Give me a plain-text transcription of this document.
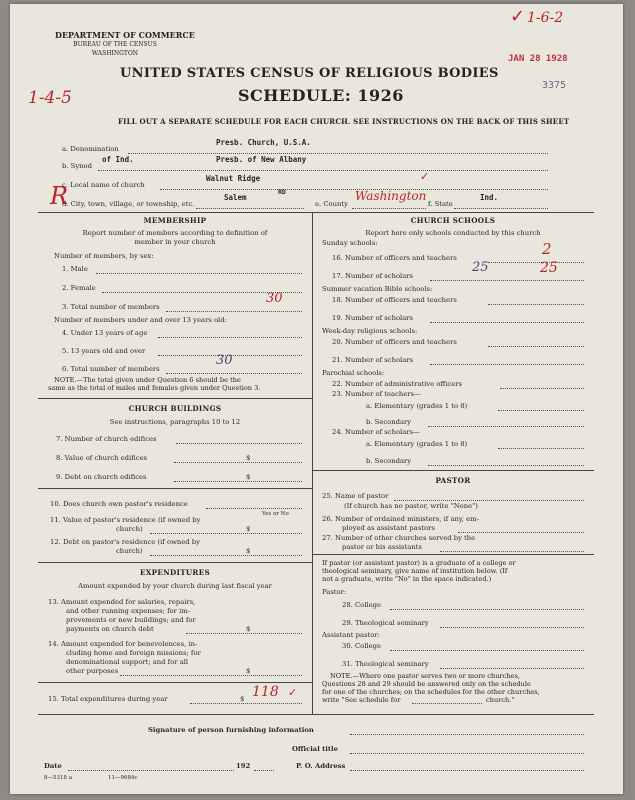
DEPARTMENT OF COMMERCE
BUREAU OF THE CENSUS
WASHINGTON
UNITED STATES CENSUS OF RELIGIOUS BODIES
SCHEDULE: 1926
FILL OUT A SEPARATE SCHEDULE FOR EACH CHURCH. SEE INSTRUCTIONS ON THE BACK OF THIS SHEET
1-6-2
✓
1-4-5
R
JAN 28 1928
3375
a. Denomination
Presb. Church, U.S.A.
b. Synod
of Ind.	Presb. of New Albany
c. Local name of church
Walnut Ridge	✓
d. City, town, village, or township, etc.
Salem
RD
e. County
Washington
f. State
Ind.
MEMBERSHIP
Report number of members according to definition of
member in your church
Number of members, by sex:
1. Male
2. Female
3. Total number of members
30
Number of members under and over 13 years old:
4. Under 13 years of age
5. 13 years old and over
6. Total number of members
30
NOTE.—The total given under Question 6 should be the
same as the total of males and females given under Question 3.
CHURCH BUILDINGS
See instructions, paragraphs 10 to 12
7. Number of church edifices
8. Value of church edifices	$
9. Debt on church edifices	$
10. Does church own pastor's residence
Yes or No
11. Value of pastor's residence (if owned by
church)	$
12. Debt on pastor's residence (if owned by
church)	$
EXPENDITURES
Amount expended by your church during last fiscal year
13. Amount expended for salaries, repairs,
and other running expenses; for im-
provements or new buildings; and for
payments on church debt	$
14. Amount expended for benevolences, in-
cluding home and foreign missions; for
denominational support; and for all
other purposes	$
15. Total expenditures during year	$ 118 ✓
CHURCH SCHOOLS
Report here only schools conducted by this church
Sunday schools:
16. Number of officers and teachers	2
17. Number of scholars
25	25
Summer vacation Bible schools:
18. Number of officers and teachers
19. Number of scholars
Week-day religious schools:
20. Number of officers and teachers
21. Number of scholars
Parochial schools:
22. Number of administrative officers
23. Number of teachers—
a. Elementary (grades 1 to 8)
b. Secondary
24. Number of scholars—
a. Elementary (grades 1 to 8)
b. Secondary
PASTOR
25. Name of pastor
(If church has no pastor, write "None")
26. Number of ordained ministers, if any, em-
ployed as assistant pastors
27. Number of other churches served by the
pastor or his assistants
If pastor (or assistant pastor) is a graduate of a college or
theological seminary, give name of institution below. (If
not a graduate, write "No" in the space indicated.)
Pastor:
28. College
29. Theological seminary
Assistant pastor:
30. College
31. Theological seminary
NOTE.—Where one pastor serves two or more churches,
Questions 28 and 29 should be answered only on the schedule
for one of the churches; on the schedules for the other churches,
write "See schedule for	church."
Signature of person furnishing information
Official title
Date	192	P. O. Address
8—5318 a	11—9684c
